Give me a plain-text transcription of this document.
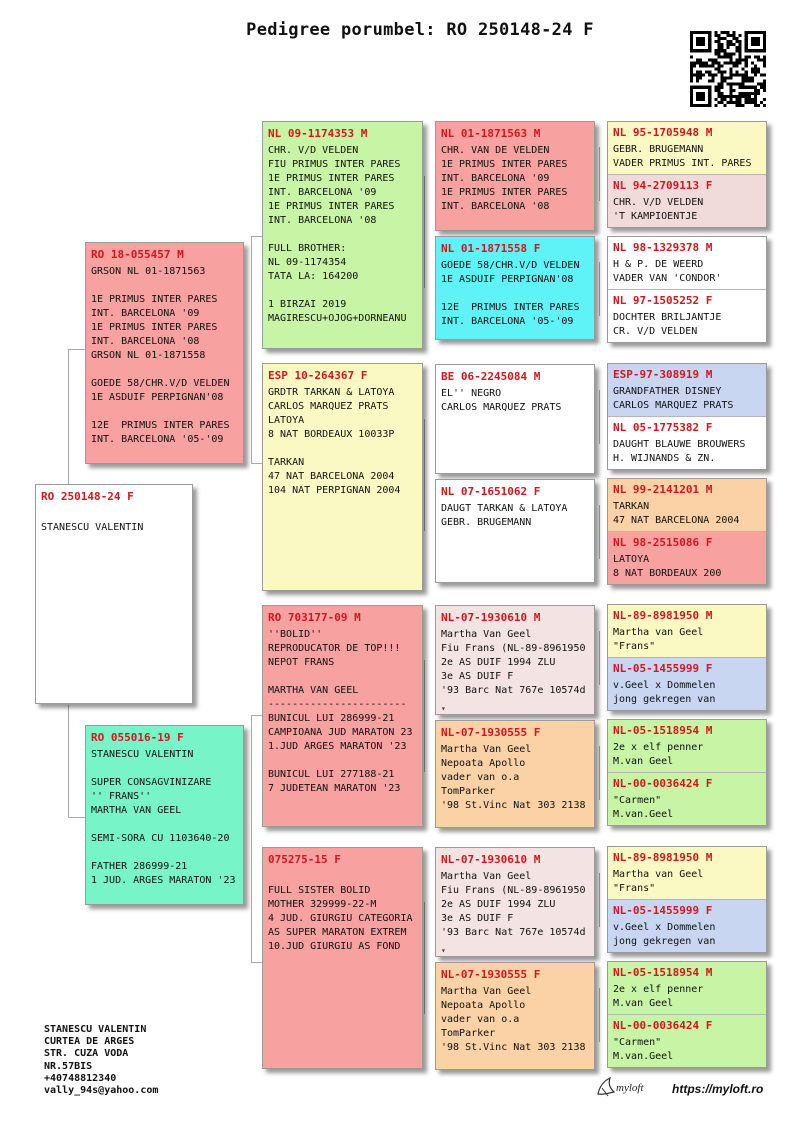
Pedigree porumbel: RO 250148-24 F
RO 250148-24 F

STANESCU VALENTIN
RO 18-055457 M
GRSON NL 01-1871563

1E PRIMUS INTER PARES
INT. BARCELONA '09
1E PRIMUS INTER PARES
INT. BARCELONA '08
GRSON NL 01-1871558

GOEDE 58/CHR.V/D VELDEN
1E ASDUIF PERPIGNAN'08

12E  PRIMUS INTER PARES
INT. BARCELONA '05-'09
RO 055016-19 F
STANESCU VALENTIN

SUPER CONSAGVINIZARE
'' FRANS''
MARTHA VAN GEEL

SEMI-SORA CU 1103640-20

FATHER 286999-21
1 JUD. ARGES MARATON '23
NL 09-1174353 M
CHR. V/D VELDEN
FIU PRIMUS INTER PARES
1E PRIMUS INTER PARES
INT. BARCELONA '09
1E PRIMUS INTER PARES
INT. BARCELONA '08

FULL BROTHER:
NL 09-1174354
TATA LA: 164200

1 BIRZAI 2019
MAGIRESCU+OJOG+DORNEANU
ESP 10-264367 F
GRDTR TARKAN & LATOYA
CARLOS MARQUEZ PRATS
LATOYA
8 NAT BORDEAUX 10033P

TARKAN
47 NAT BARCELONA 2004
104 NAT PERPIGNAN 2004
RO 703177-09 M
''BOLID''
REPRODUCATOR DE TOP!!!
NEPOT FRANS

MARTHA VAN GEEL
-----------------------
BUNICUL LUI 286999-21
CAMPIOANA JUD MARATON 23
1.JUD ARGES MARATON '23

BUNICUL LUI 277188-21
7 JUDETEAN MARATON '23
075275-15 F

FULL SISTER BOLID
MOTHER 329999-22-M
4 JUD. GIURGIU CATEGORIA
AS SUPER MARATON EXTREM
10.JUD GIURGIU AS FOND
NL 01-1871563 M
CHR. VAN DE VELDEN
1E PRIMUS INTER PARES
INT. BARCELONA '09
1E PRIMUS INTER PARES
INT. BARCELONA '08
NL 01-1871558 F
GOEDE 58/CHR.V/D VELDEN
1E ASDUIF PERPIGNAN'08

12E  PRIMUS INTER PARES
INT. BARCELONA '05-'09
BE 06-2245084 M
EL'' NEGRO
CARLOS MARQUEZ PRATS
NL 07-1651062 F
DAUGT TARKAN & LATOYA
GEBR. BRUGEMANN
NL-07-1930610 M
Martha Van Geel
Fiu Frans (NL-89-8961950
2e AS DUIF 1994 ZLU
3e AS DUIF F
'93 Barc Nat 767e 10574d
▾
NL-07-1930555 F
Martha Van Geel
Nepoata Apollo
vader van o.a
TomParker
'98 St.Vinc Nat 303 2138
NL-07-1930610 M
Martha Van Geel
Fiu Frans (NL-89-8961950
2e AS DUIF 1994 ZLU
3e AS DUIF F
'93 Barc Nat 767e 10574d
▾
NL-07-1930555 F
Martha Van Geel
Nepoata Apollo
vader van o.a
TomParker
'98 St.Vinc Nat 303 2138
NL 95-1705948 M
GEBR. BRUGEMANN
VADER PRIMUS INT. PARES
NL 94-2709113 F
CHR. V/D VELDEN
'T KAMPIOENTJE
NL 98-1329378 M
H & P. DE WEERD
VADER VAN 'CONDOR'
NL 97-1505252 F
DOCHTER BRILJANTJE
CR. V/D VELDEN
ESP-97-308919 M
GRANDFATHER DISNEY
CARLOS MARQUEZ PRATS
NL 05-1775382 F
DAUGHT BLAUWE BROUWERS
H. WIJNANDS & ZN.
NL 99-2141201 M
TARKAN
47 NAT BARCELONA 2004
NL 98-2515086 F
LATOYA
8 NAT BORDEAUX 200
NL-89-8981950 M
Martha van Geel
"Frans"
NL-05-1455999 F
v.Geel x Dommelen
jong gekregen van
NL-05-1518954 M
2e x elf penner
M.van Geel
NL-00-0036424 F
"Carmen"
M.van.Geel
NL-89-8981950 M
Martha van Geel
"Frans"
NL-05-1455999 F
v.Geel x Dommelen
jong gekregen van
NL-05-1518954 M
2e x elf penner
M.van Geel
NL-00-0036424 F
"Carmen"
M.van.Geel
STANESCU VALENTIN
CURTEA DE ARGES
STR. CUZA VODA
NR.57BIS
+40748812340
vally_94s@yahoo.com	myloft https://myloft.ro
